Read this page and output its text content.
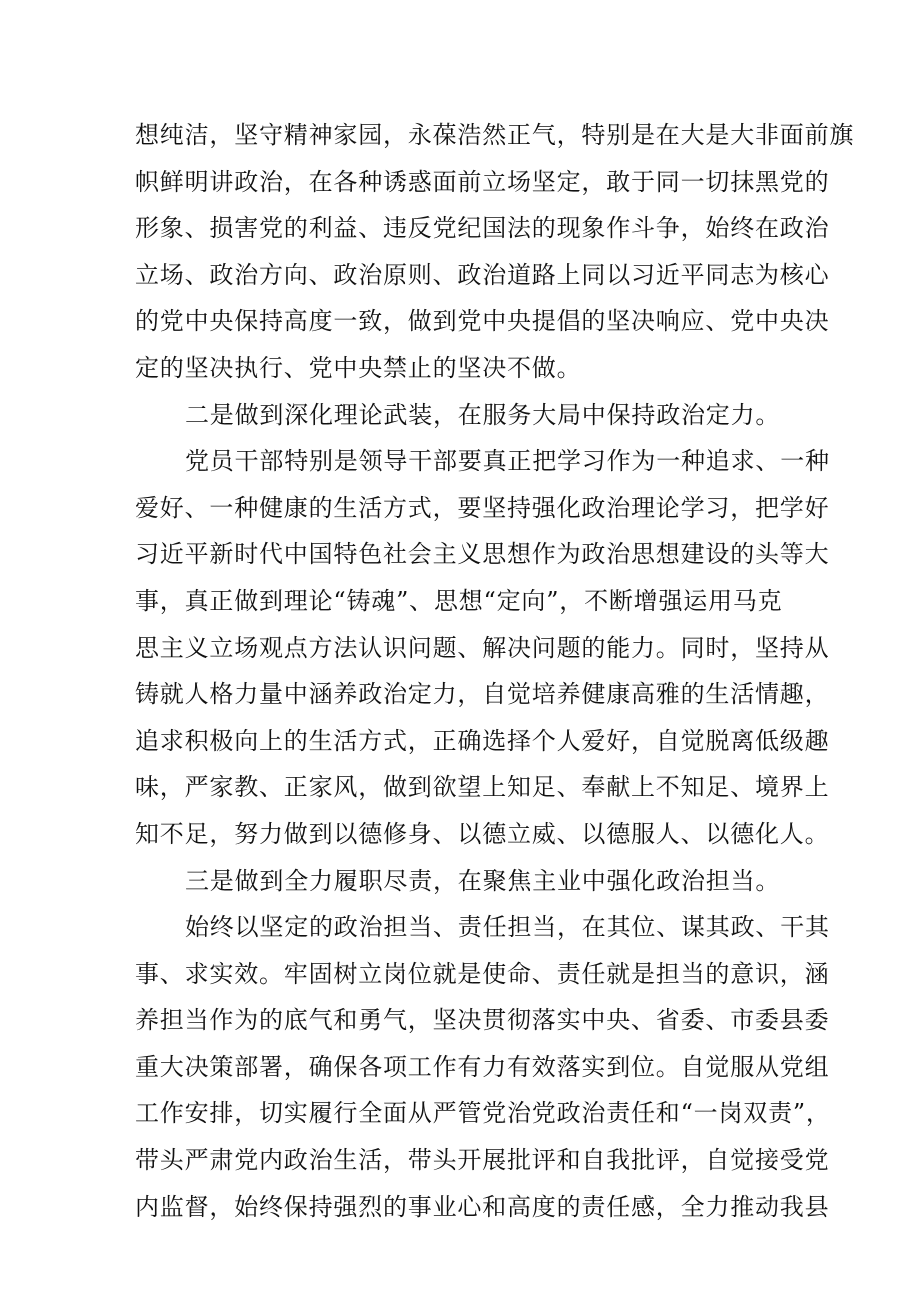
想纯洁，坚守精神家园，永葆浩然正气，特别是在大是大非面前旗
帜鲜明讲政治，在各种诱惑面前立场坚定，敢于同一切抹黑党的
形象、损害党的利益、违反党纪国法的现象作斗争，始终在政治
立场、政治方向、政治原则、政治道路上同以习近平同志为核心
的党中央保持高度一致，做到党中央提倡的坚决响应、党中央决
定的坚决执行、党中央禁止的坚决不做。
二是做到深化理论武装，在服务大局中保持政治定力。
党员干部特别是领导干部要真正把学习作为一种追求、一种
爱好、一种健康的生活方式，要坚持强化政治理论学习，把学好
习近平新时代中国特色社会主义思想作为政治思想建设的头等大
事，真正做到理论“铸魂”、思想“定向”，不断增强运用马克
思主义立场观点方法认识问题、解决问题的能力。同时，坚持从
铸就人格力量中涵养政治定力，自觉培养健康高雅的生活情趣，
追求积极向上的生活方式，正确选择个人爱好，自觉脱离低级趣
味，严家教、正家风，做到欲望上知足、奉献上不知足、境界上
知不足，努力做到以德修身、以德立威、以德服人、以德化人。
三是做到全力履职尽责，在聚焦主业中强化政治担当。
始终以坚定的政治担当、责任担当，在其位、谋其政、干其
事、求实效。牢固树立岗位就是使命、责任就是担当的意识，涵
养担当作为的底气和勇气，坚决贯彻落实中央、省委、市委县委
重大决策部署，确保各项工作有力有效落实到位。自觉服从党组
工作安排，切实履行全面从严管党治党政治责任和“一岗双责”，
带头严肃党内政治生活，带头开展批评和自我批评，自觉接受党
内监督，始终保持强烈的事业心和高度的责任感，全力推动我县
